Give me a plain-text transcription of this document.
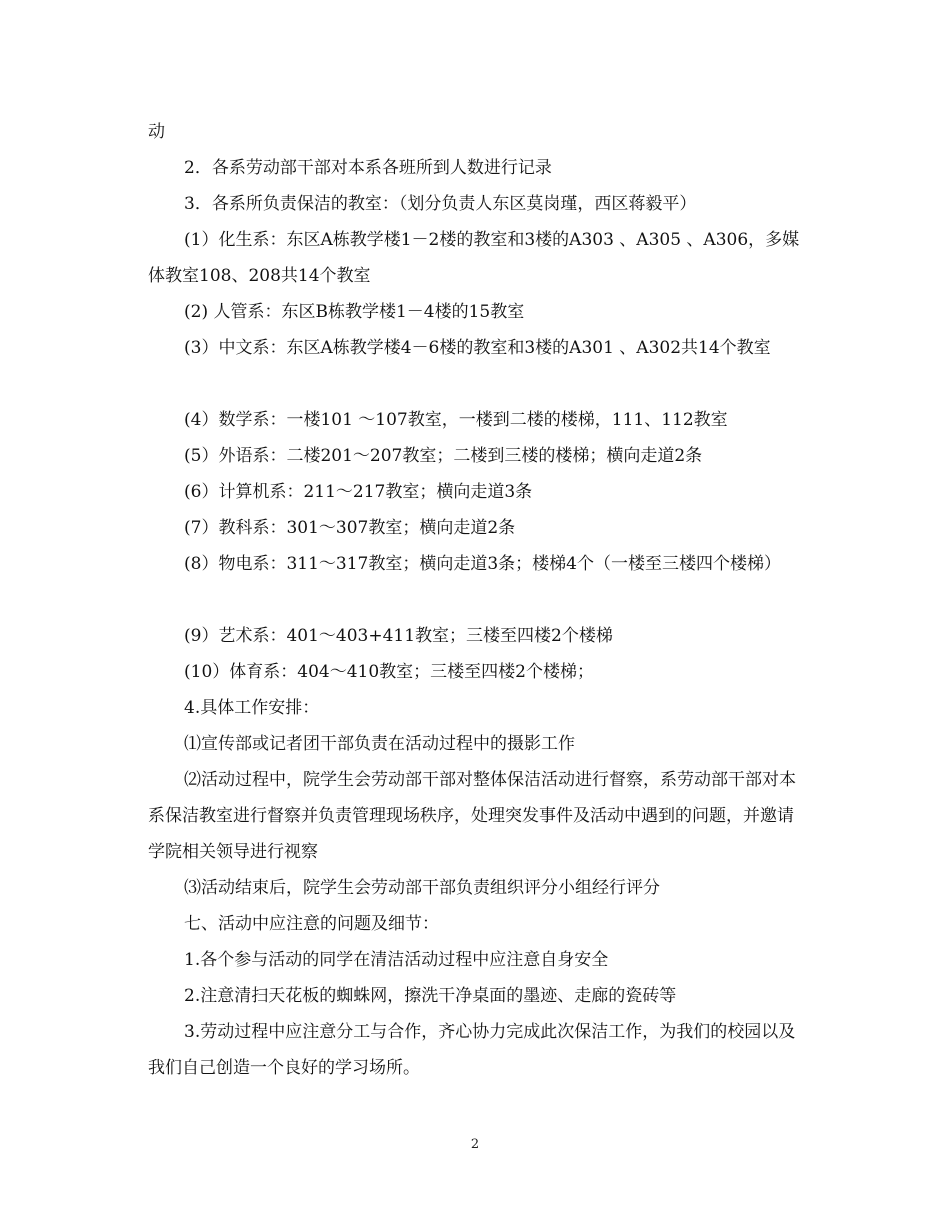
动

2．各系劳动部干部对本系各班所到人数进行记录

3．各系所负责保洁的教室：（划分负责人东区莫岗瑾，西区蒋毅平）

(1）化生系：东区A栋教学楼1－2楼的教室和3楼的A303 、A305 、A306，多媒体教室108、208共14个教室

(2) 人管系：东区B栋教学楼1－4楼的15教室

(3）中文系：东区A栋教学楼4－6楼的教室和3楼的A301 、A302共14个教室

(4）数学系：一楼101 ～107教室，一楼到二楼的楼梯，111、112教室

(5）外语系：二楼201～207教室；二楼到三楼的楼梯；横向走道2条

(6）计算机系：211～217教室；横向走道3条

(7）教科系：301～307教室；横向走道2条

(8）物电系：311～317教室；横向走道3条；楼梯4个（一楼至三楼四个楼梯）

(9）艺术系：401～403+411教室；三楼至四楼2个楼梯

(10）体育系：404～410教室；三楼至四楼2个楼梯；

4.具体工作安排：

⑴宣传部或记者团干部负责在活动过程中的摄影工作

⑵活动过程中，院学生会劳动部干部对整体保洁活动进行督察，系劳动部干部对本系保洁教室进行督察并负责管理现场秩序，处理突发事件及活动中遇到的问题，并邀请学院相关领导进行视察

⑶活动结束后，院学生会劳动部干部负责组织评分小组经行评分

七、活动中应注意的问题及细节：

1.各个参与活动的同学在清洁活动过程中应注意自身安全

2.注意清扫天花板的蜘蛛网，擦洗干净桌面的墨迹、走廊的瓷砖等

3.劳动过程中应注意分工与合作，齐心协力完成此次保洁工作，为我们的校园以及我们自己创造一个良好的学习场所。

2
